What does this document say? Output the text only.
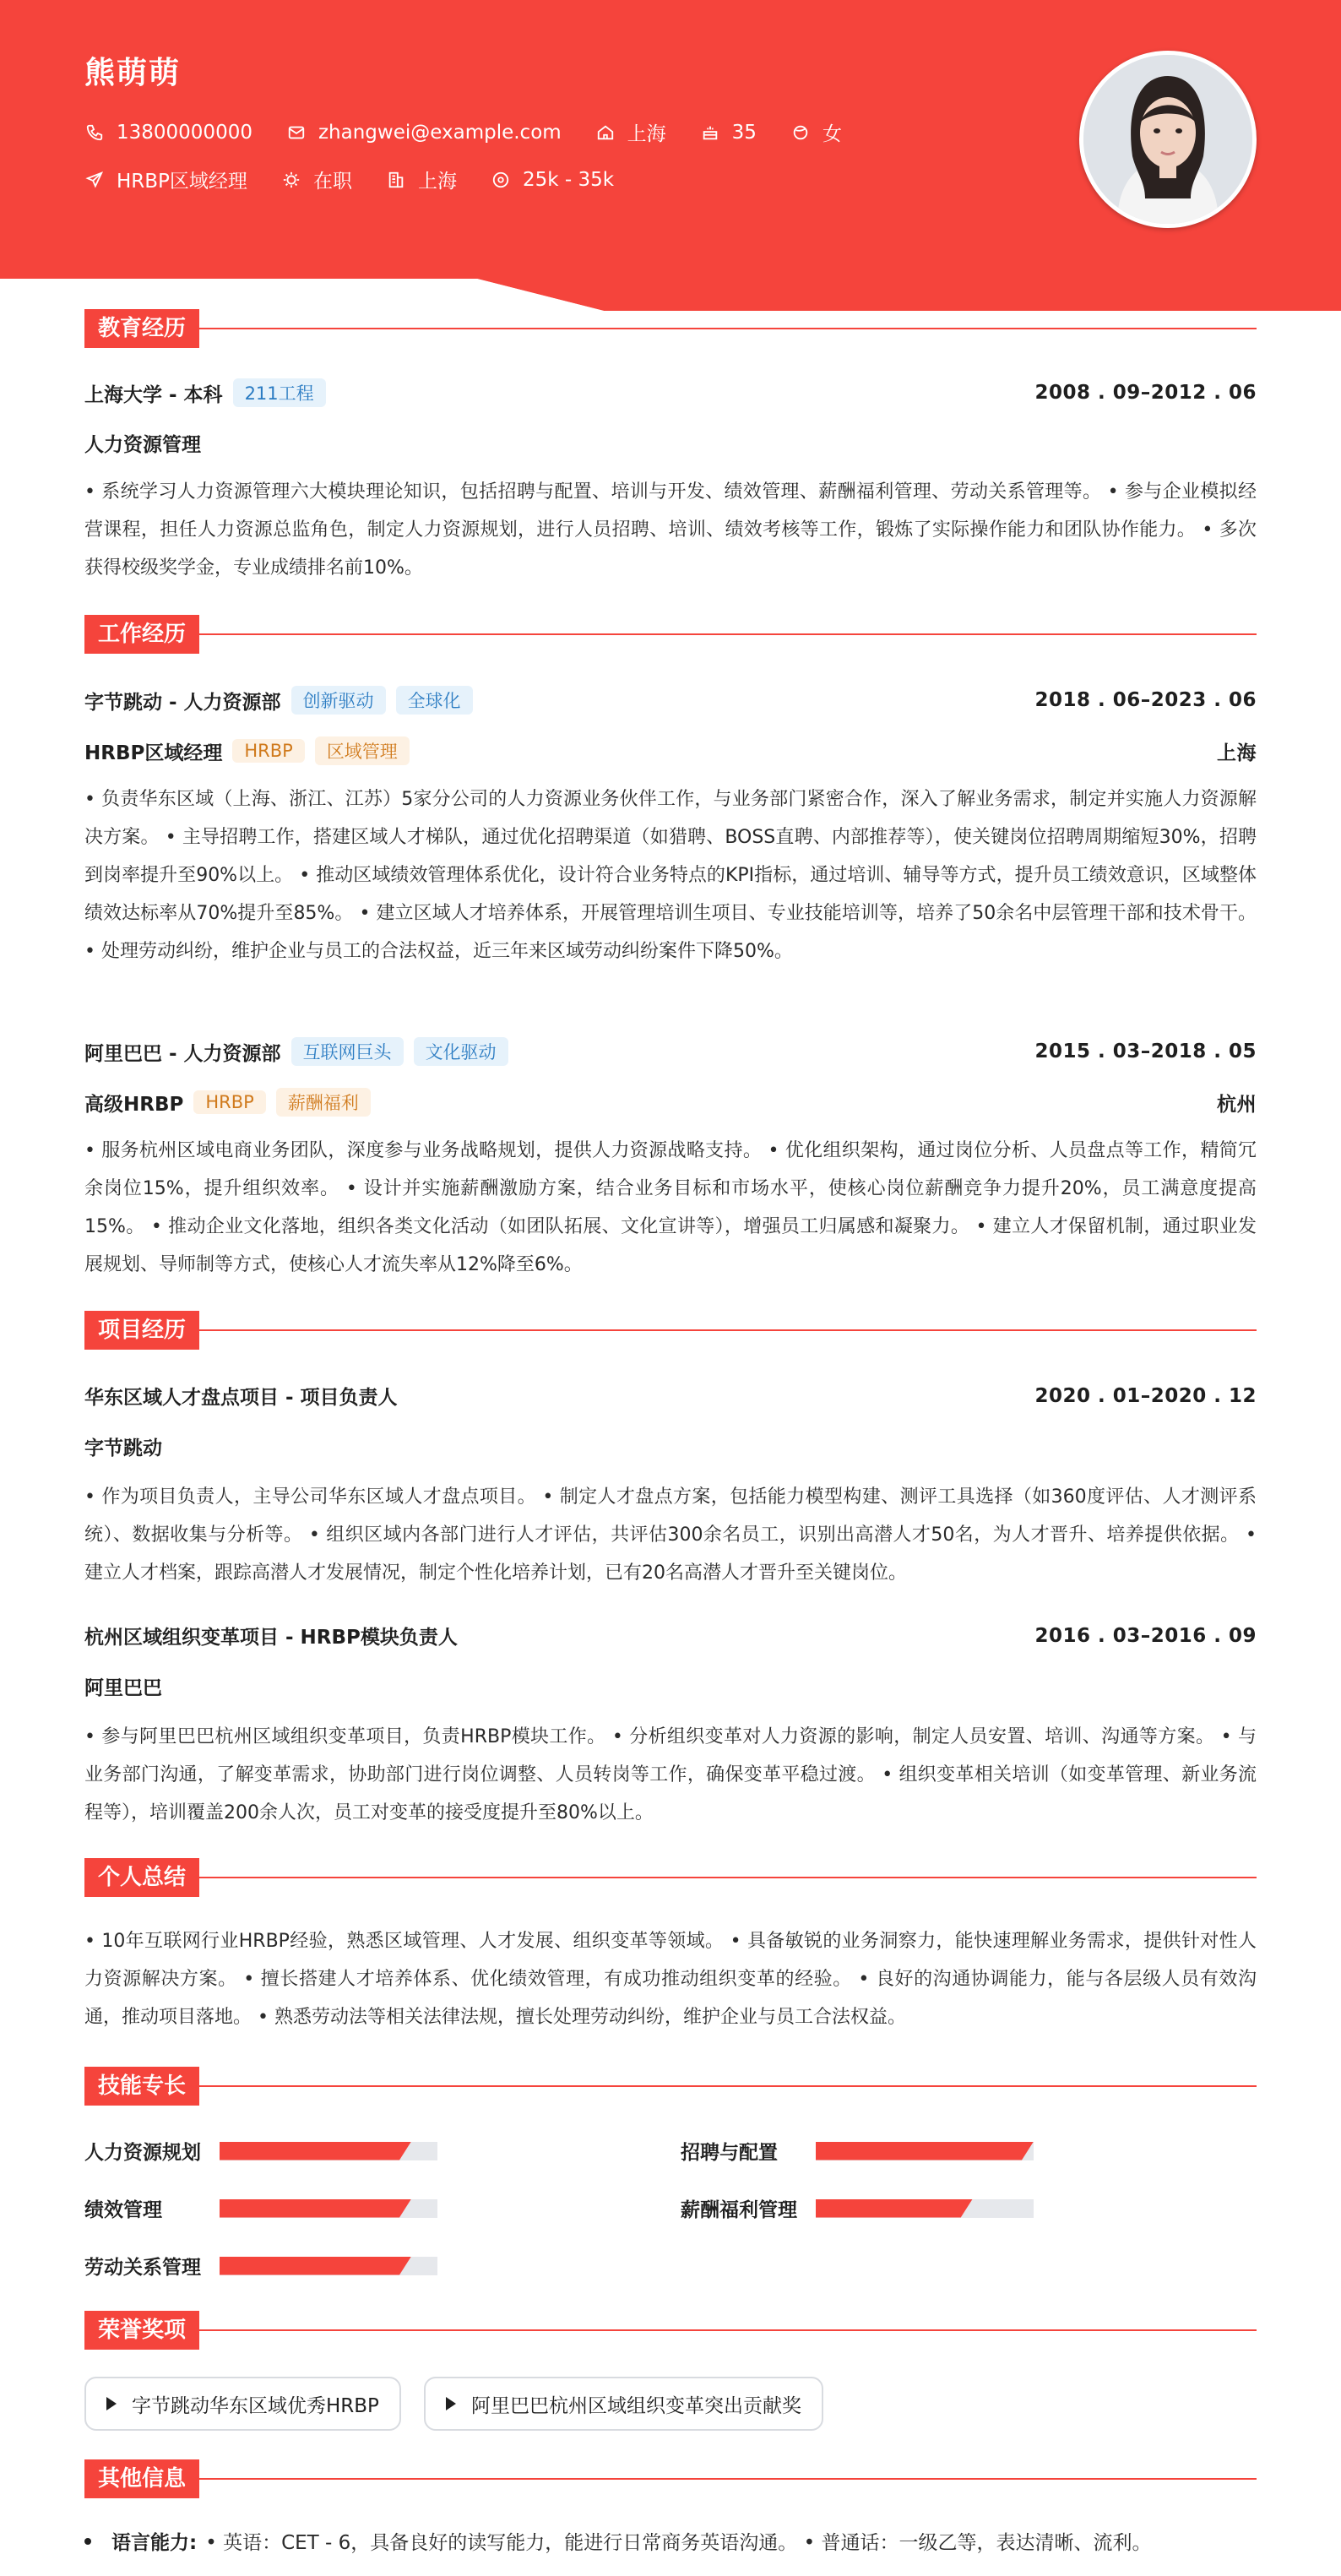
熊萌萌
13800000000	zhangwei@example.com	上海	35	女
HRBP区域经理	在职	上海	25k - 35k
教育经历
上海大学 - 本科	211工程	2008 . 09–2012 . 06
人力资源管理
• 系统学习人力资源管理六大模块理论知识，包括招聘与配置、培训与开发、绩效管理、薪酬福利管理、劳动关系管理等。 • 参与企业模拟经营课程，担任人力资源总监角色，制定人力资源规划，进行人员招聘、培训、绩效考核等工作，锻炼了实际操作能力和团队协作能力。 • 多次获得校级奖学金，专业成绩排名前10%。
工作经历
字节跳动 - 人力资源部	创新驱动	全球化	2018 . 06–2023 . 06
HRBP区域经理	HRBP	区域管理	上海
• 负责华东区域（上海、浙江、江苏）5家分公司的人力资源业务伙伴工作，与业务部门紧密合作，深入了解业务需求，制定并实施人力资源解决方案。 • 主导招聘工作，搭建区域人才梯队，通过优化招聘渠道（如猎聘、BOSS直聘、内部推荐等），使关键岗位招聘周期缩短30%，招聘到岗率提升至90%以上。 • 推动区域绩效管理体系优化，设计符合业务特点的KPI指标，通过培训、辅导等方式，提升员工绩效意识，区域整体绩效达标率从70%提升至85%。 • 建立区域人才培养体系，开展管理培训生项目、专业技能培训等，培养了50余名中层管理干部和技术骨干。 • 处理劳动纠纷，维护企业与员工的合法权益，近三年来区域劳动纠纷案件下降50%。
阿里巴巴 - 人力资源部	互联网巨头	文化驱动	2015 . 03–2018 . 05
高级HRBP	HRBP	薪酬福利	杭州
• 服务杭州区域电商业务团队，深度参与业务战略规划，提供人力资源战略支持。 • 优化组织架构，通过岗位分析、人员盘点等工作，精简冗余岗位15%，提升组织效率。 • 设计并实施薪酬激励方案，结合业务目标和市场水平，使核心岗位薪酬竞争力提升20%，员工满意度提高15%。 • 推动企业文化落地，组织各类文化活动（如团队拓展、文化宣讲等），增强员工归属感和凝聚力。 • 建立人才保留机制，通过职业发展规划、导师制等方式，使核心人才流失率从12%降至6%。
项目经历
华东区域人才盘点项目 - 项目负责人	2020 . 01–2020 . 12
字节跳动
• 作为项目负责人，主导公司华东区域人才盘点项目。 • 制定人才盘点方案，包括能力模型构建、测评工具选择（如360度评估、人才测评系统）、数据收集与分析等。 • 组织区域内各部门进行人才评估，共评估300余名员工，识别出高潜人才50名，为人才晋升、培养提供依据。 • 建立人才档案，跟踪高潜人才发展情况，制定个性化培养计划，已有20名高潜人才晋升至关键岗位。
杭州区域组织变革项目 - HRBP模块负责人	2016 . 03–2016 . 09
阿里巴巴
• 参与阿里巴巴杭州区域组织变革项目，负责HRBP模块工作。 • 分析组织变革对人力资源的影响，制定人员安置、培训、沟通等方案。 • 与业务部门沟通，了解变革需求，协助部门进行岗位调整、人员转岗等工作，确保变革平稳过渡。 • 组织变革相关培训（如变革管理、新业务流程等），培训覆盖200余人次，员工对变革的接受度提升至80%以上。
个人总结
• 10年互联网行业HRBP经验，熟悉区域管理、人才发展、组织变革等领域。 • 具备敏锐的业务洞察力，能快速理解业务需求，提供针对性人力资源解决方案。 • 擅长搭建人才培养体系、优化绩效管理，有成功推动组织变革的经验。 • 良好的沟通协调能力，能与各层级人员有效沟通，推动项目落地。 • 熟悉劳动法等相关法律法规，擅长处理劳动纠纷，维护企业与员工合法权益。
技能专长
人力资源规划	招聘与配置
绩效管理	薪酬福利管理
劳动关系管理
荣誉奖项
字节跳动华东区域优秀HRBP	阿里巴巴杭州区域组织变革突出贡献奖
其他信息
语言能力: • 英语：CET - 6，具备良好的读写能力，能进行日常商务英语沟通。 • 普通话：一级乙等，表达清晰、流利。
